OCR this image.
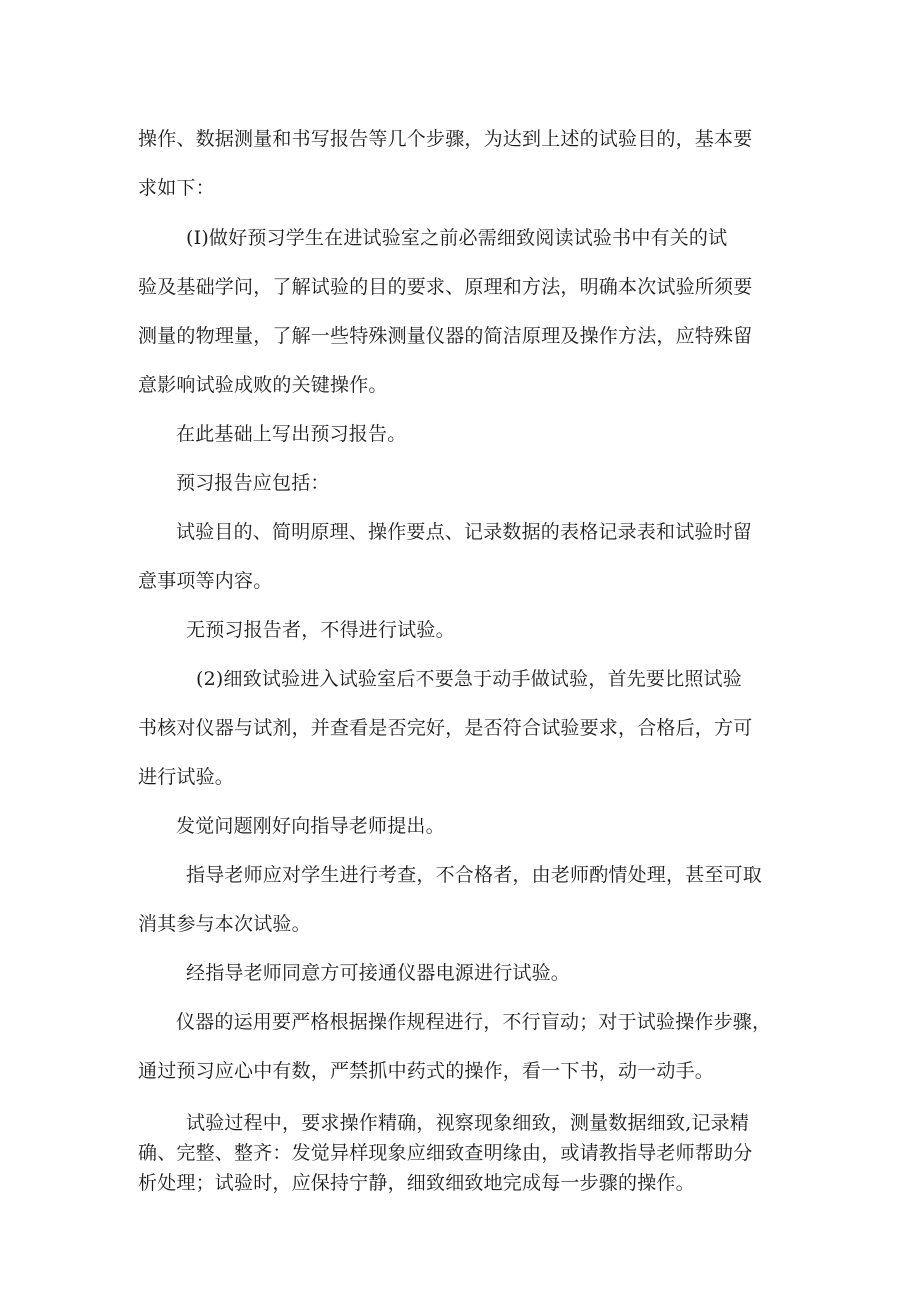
操作、数据测量和书写报告等几个步骤，为达到上述的试验目的，基本要
求如下：
(I)做好预习学生在进试验室之前必需细致阅读试验书中有关的试
验及基础学问，了解试验的目的要求、原理和方法，明确本次试验所须要
测量的物理量，了解一些特殊测量仪器的简洁原理及操作方法，应特殊留
意影响试验成败的关键操作。
在此基础上写出预习报告。
预习报告应包括：
试验目的、简明原理、操作要点、记录数据的表格记录表和试验时留
意事项等内容。
无预习报告者，不得进行试验。
(2)细致试验进入试验室后不要急于动手做试验，首先要比照试验
书核对仪器与试剂，并查看是否完好，是否符合试验要求，合格后，方可
进行试验。
发觉问题刚好向指导老师提出。
指导老师应对学生进行考查，不合格者，由老师酌情处理，甚至可取
消其参与本次试验。
经指导老师同意方可接通仪器电源进行试验。
仪器的运用要严格根据操作规程进行，不行盲动；对于试验操作步骤，
通过预习应心中有数，严禁抓中药式的操作，看一下书，动一动手。
试验过程中，要求操作精确，视察现象细致，测量数据细致,记录精
确、完整、整齐：发觉异样现象应细致查明缘由，或请教指导老师帮助分
析处理；试验时，应保持宁静，细致细致地完成每一步骤的操作。
